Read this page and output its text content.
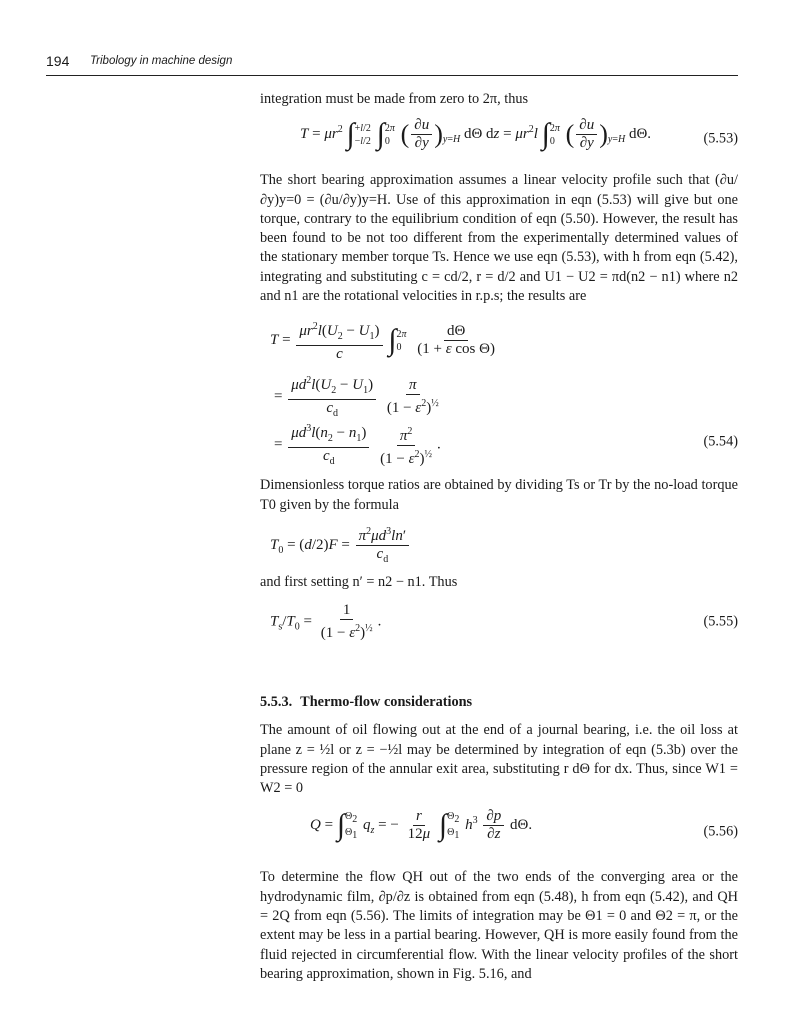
194 Tribology in machine design

integration must be made from zero to 2π, thus

$T = \mu r^2$ ∫ +l/2
−l/2 ∫ 2π
0 ( $\frac{\partial u}{\partial y} )_{y=H}$ dΘ dz = $\mu r^2l$ ∫ 2π
0 ( $\frac{\partial u}{\partial y} )_{y=H}$ dΘ.	(5.53)

The short bearing approximation assumes a linear velocity profile such that (∂u/∂y)y=0 = (∂u/∂y)y=H. Use of this approximation in eqn (5.53) will give but one torque, contrary to the equilibrium condition of eqn (5.50). However, the result has been found to be not too different from the experimentally determined values of the stationary member torque Ts. Hence we use eqn (5.53), with h from eqn (5.42), integrating and substituting c = cd/2, r = d/2 and U1 − U2 = πd(n2 − n1) where n2 and n1 are the rotational velocities in r.p.s; the results are

$T = \frac{\mu r^2l(U_2 - U_1)}{c}$ ∫ 2π
0
$\frac{d\Theta}{\text{(1 + ε cos Θ)}}$
= $\frac{\mu d^2l(U_2 - U_1)}{c_d}$
$\frac{\pi}{(1 - \varepsilon^2)^{\frac{1}{2}}}$
= $\frac{\mu d^3l(n_2 - n_1)}{c_d}$
$\frac{\pi^2}{(1 - \varepsilon^2)^{\frac{1}{2}}}$ .	(5.54)

Dimensionless torque ratios are obtained by dividing Ts or Tr by the no-load torque T0 given by the formula

$T_0 = (d/2)F = \frac{\pi^2\mu d^3\ln'}{c_d}$

and first setting n′ = n2 − n1. Thus

$T_s/T_0 = \frac{1}{(1 - \varepsilon^2)^{\frac{1}{2}}}$ .	(5.55)

5.5.3. Thermo-flow considerations

The amount of oil flowing out at the end of a journal bearing, i.e. the oil loss at plane z = ½l or z = −½l may be determined by integration of eqn (5.3b) over the pressure region of the annular exit area, substituting r dΘ for dx. Thus, since W1 = W2 = 0

Q = ∫ $\Theta_2$
$\Theta_1$
$q_z$ = − $\frac{r}{12\mu}$ ∫ $\Theta_2$
$\Theta_1$
$h^3 \frac{\partial p}{\partial z} d\Theta$.	(5.56)

To determine the flow QH out of the two ends of the converging area or the hydrodynamic film, ∂p/∂z is obtained from eqn (5.48), h from eqn (5.42), and QH = 2Q from eqn (5.56). The limits of integration may be Θ1 = 0 and Θ2 = π, or the extent may be less in a partial bearing. However, QH is more easily found from the fluid rejected in circumferential flow. With the linear velocity profiles of the short bearing approximation, shown in Fig. 5.16, and
